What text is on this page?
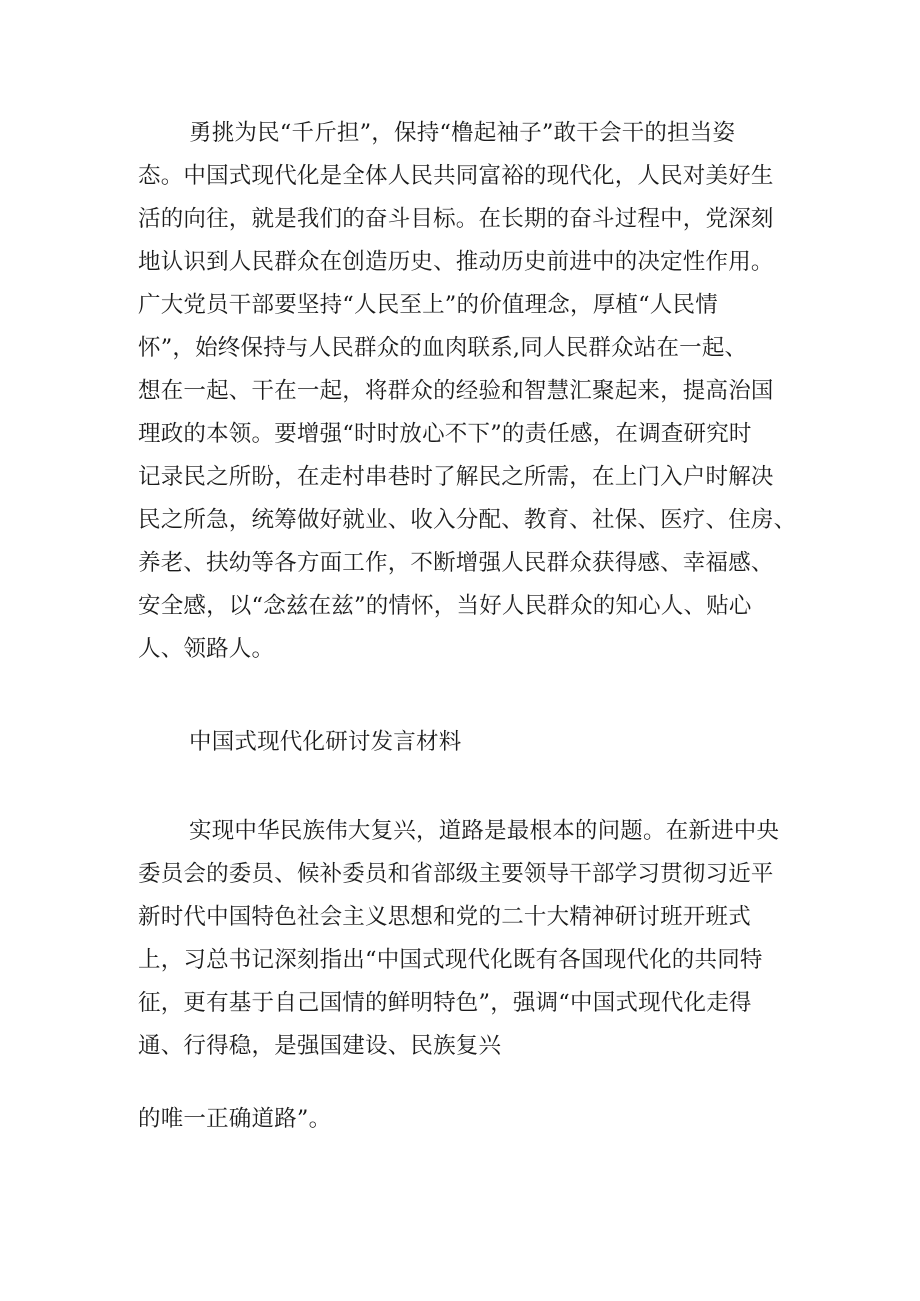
勇挑为民“千斤担”，保持“橹起袖子”敢干会干的担当姿
态。中国式现代化是全体人民共同富裕的现代化，人民对美好生
活的向往，就是我们的奋斗目标。在长期的奋斗过程中，党深刻
地认识到人民群众在创造历史、推动历史前进中的决定性作用。
广大党员干部要坚持“人民至上”的价值理念，厚植“人民情
怀”，始终保持与人民群众的血肉联系,同人民群众站在一起、
想在一起、干在一起，将群众的经验和智慧汇聚起来，提高治国
理政的本领。要增强“时时放心不下”的责任感，在调查研究时
记录民之所盼，在走村串巷时了解民之所需，在上门入户时解决
民之所急，统筹做好就业、收入分配、教育、社保、医疗、住房、
养老、扶幼等各方面工作，不断增强人民群众获得感、幸福感、
安全感，以“念兹在兹”的情怀，当好人民群众的知心人、贴心
人、领路人。
中国式现代化研讨发言材料
实现中华民族伟大复兴，道路是最根本的问题。在新进中央
委员会的委员、候补委员和省部级主要领导干部学习贯彻习近平
新时代中国特色社会主义思想和党的二十大精神研讨班开班式
上，习总书记深刻指出“中国式现代化既有各国现代化的共同特
征，更有基于自己国情的鲜明特色”，强调“中国式现代化走得
通、行得稳，是强国建设、民族复兴
的唯一正确道路”。
